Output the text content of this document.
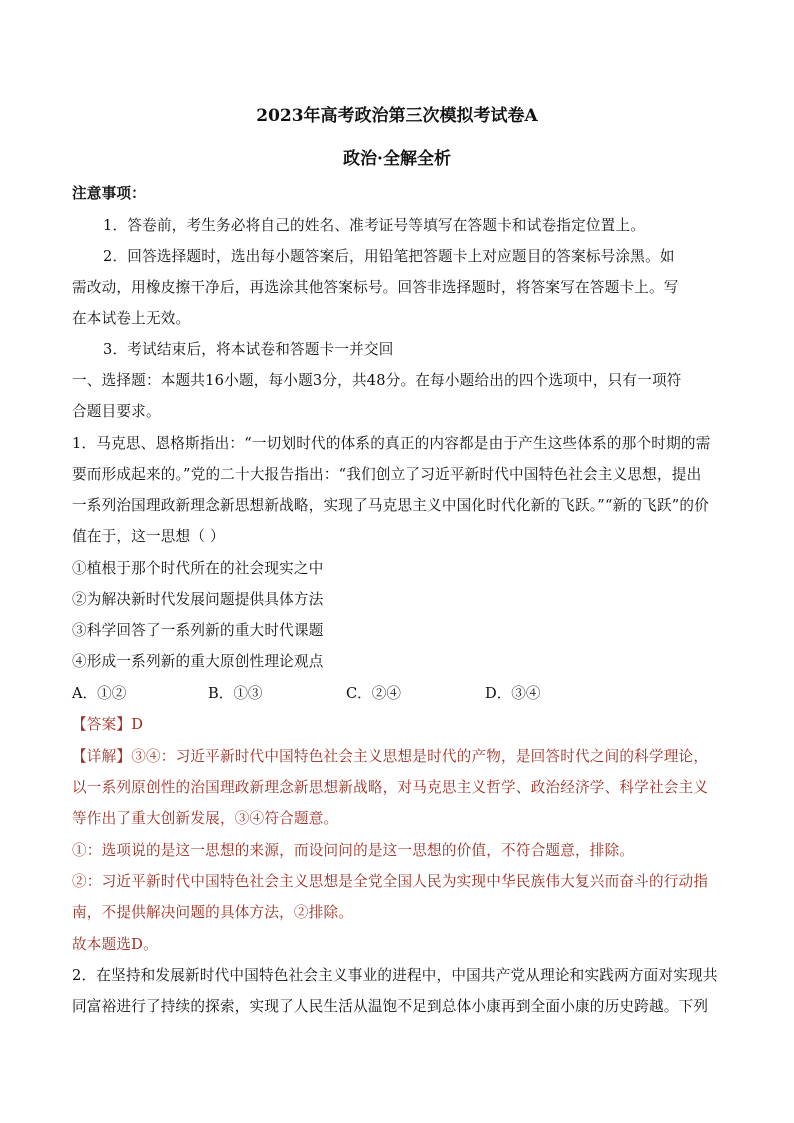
2023年高考政治第三次模拟考试卷A
政治·全解全析
注意事项：
1．答卷前，考生务必将自己的姓名、准考证号等填写在答题卡和试卷指定位置上。
2．回答选择题时，选出每小题答案后，用铅笔把答题卡上对应题目的答案标号涂黑。如
需改动，用橡皮擦干净后，再选涂其他答案标号。回答非选择题时，将答案写在答题卡上。写
在本试卷上无效。
3．考试结束后，将本试卷和答题卡一并交回
一、选择题：本题共16小题，每小题3分，共48分。在每小题给出的四个选项中，只有一项符
合题目要求。
1．马克思、恩格斯指出：“一切划时代的体系的真正的内容都是由于产生这些体系的那个时期的需
要而形成起来的。”党的二十大报告指出：“我们创立了习近平新时代中国特色社会主义思想，提出
一系列治国理政新理念新思想新战略，实现了马克思主义中国化时代化新的飞跃。”“新的飞跃”的价
值在于，这一思想（ ）
①植根于那个时代所在的社会现实之中
②为解决新时代发展问题提供具体方法
③科学回答了一系列新的重大时代课题
④形成一系列新的重大原创性理论观点
A．①②	B．①③	C．②④	D．③④
【答案】D
【详解】③④：习近平新时代中国特色社会主义思想是时代的产物，是回答时代之间的科学理论，
以一系列原创性的治国理政新理念新思想新战略，对马克思主义哲学、政治经济学、科学社会主义
等作出了重大创新发展，③④符合题意。
①：选项说的是这一思想的来源，而设问问的是这一思想的价值，不符合题意，排除。
②：习近平新时代中国特色社会主义思想是全党全国人民为实现中华民族伟大复兴而奋斗的行动指
南，不提供解决问题的具体方法，②排除。
故本题选D。
2．在坚持和发展新时代中国特色社会主义事业的进程中，中国共产党从理论和实践两方面对实现共
同富裕进行了持续的探索，实现了人民生活从温饱不足到总体小康再到全面小康的历史跨越。下列
